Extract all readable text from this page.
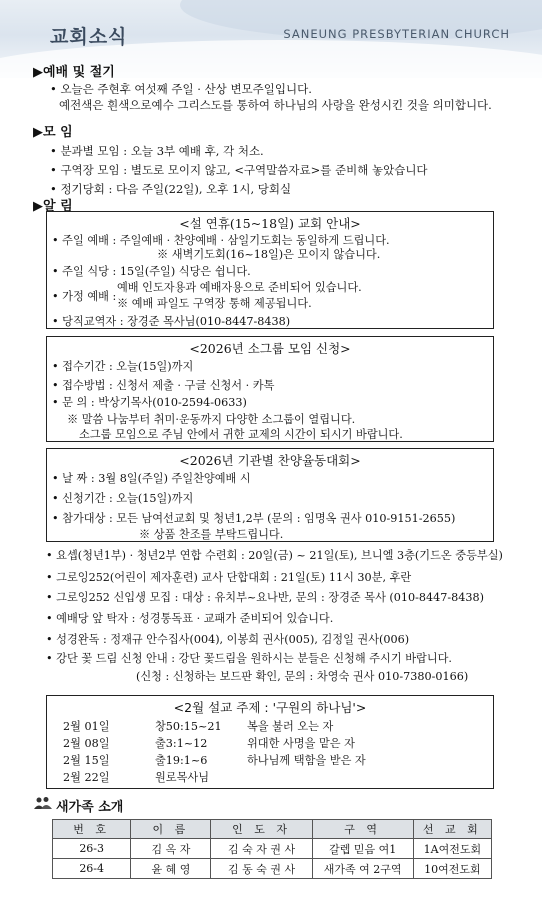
교회소식	SANEUNG PRESBYTERIAN CHURCH
▶예배 및 절기
• 오늘은 주현후 여섯째 주일 · 산상 변모주일입니다.
예전색은 흰색으로예수 그리스도를 통하여 하나님의 사랑을 완성시킨 것을 의미합니다.
▶모 임
• 분과별 모임 : 오늘 3부 예배 후, 각 처소.
• 구역장 모임 : 별도로 모이지 않고, <구역말씀자료>를 준비해 놓았습니다
• 정기당회 : 다음 주일(22일), 오후 1시, 당회실
▶알 림
<설 연휴(15~18일) 교회 안내>
• 주일 예배 : 주일예배 · 찬양예배 · 삼일기도회는 동일하게 드립니다.
※ 새벽기도회(16~18일)은 모이지 않습니다.
• 주일 식당 : 15일(주일) 식당은 쉽니다.
예배 인도자용과 예배자용으로 준비되어 있습니다.
• 가정 예배 :
※ 예배 파일도 구역장 통해 제공됩니다.
• 당직교역자 : 장경준 목사님(010-8447-8438)
<2026년 소그룹 모임 신청>
• 접수기간 : 오늘(15일)까지
• 접수방법 : 신청서 제출 · 구글 신청서 · 카톡
• 문 의 : 박상기목사(010-2594-0633)
※ 말씀 나눔부터 취미·운동까지 다양한 소그룹이 열립니다.
소그룹 모임으로 주님 안에서 귀한 교제의 시간이 되시기 바랍니다.
<2026년 기관별 찬양율동대회>
• 날 짜 : 3월 8일(주일) 주일찬양예배 시
• 신청기간 : 오늘(15일)까지
• 참가대상 : 모든 남여선교회 및 청년1,2부 (문의 : 임명옥 권사 010-9151-2655)
※ 상품 찬조를 부탁드립니다.
• 요셉(청년1부) · 청년2부 연합 수련회 : 20일(금) ~ 21일(토), 브니엘 3층(기드온 중등부실)
• 그로잉252(어린이 제자훈련) 교사 단합대회 : 21일(토) 11시 30분, 후란
• 그로잉252 신입생 모집 : 대상 : 유치부~요나반, 문의 : 장경준 목사 (010-8447-8438)
• 예배당 앞 탁자 : 성경통독표 · 교패가 준비되어 있습니다.
• 성경완독 : 정재규 안수집사(004), 이봉희 권사(005), 김정일 권사(006)
• 강단 꽃 드림 신청 안내 : 강단 꽃드림을 원하시는 분들은 신청해 주시기 바랍니다.
(신청 : 신청하는 보드판 확인, 문의 : 차영숙 권사 010-7380-0166)
<2월 설교 주제 : '구원의 하나님'>
2월 01일	창50:15~21 복을 불러 오는 자
2월 08일	출3:1~12	위대한 사명을 맡은 자
2월 15일	출19:1~6	하나님께 택함을 받은 자
2월 22일	원로목사님
새가족 소개
번 호	이 름	인 도 자	구 역	선 교 회
26-3	김 옥 자	김 숙 자 권 사	갈렙 믿음 여1	1A여전도회
26-4	윤 혜 영	김 동 숙 권 사	새가족 여 2구역	10여전도회
